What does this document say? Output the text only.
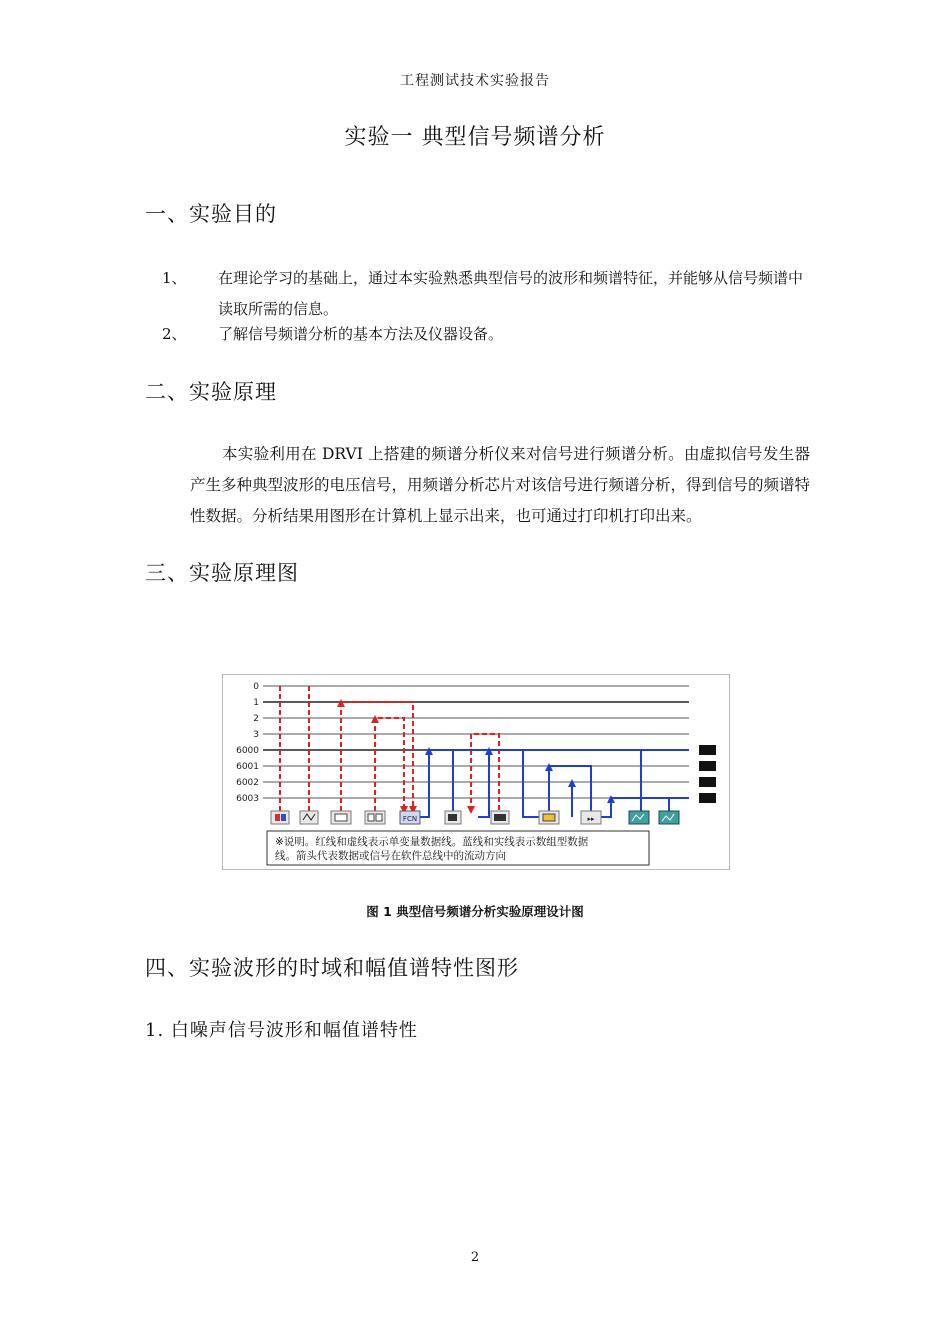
工程测试技术实验报告
实验一 典型信号频谱分析
一、实验目的
1、 在理论学习的基础上，通过本实验熟悉典型信号的波形和频谱特征，并能够从信号频谱中读取所需的信息。
2、 了解信号频谱分析的基本方法及仪器设备。
二、实验原理
本实验利用在 DRVI 上搭建的频谱分析仪来对信号进行频谱分析。由虚拟信号发生器产生多种典型波形的电压信号，用频谱分析芯片对该信号进行频谱分析，得到信号的频谱特性数据。分析结果用图形在计算机上显示出来，也可通过打印机打印出来。
三、实验原理图
0
1
2
3
6000
6001
6002
6003
FCN	▸▸
※说明。红线和虚线表示单变量数据线。蓝线和实线表示数组型数据
线。箭头代表数据或信号在软件总线中的流动方向
图 1 典型信号频谱分析实验原理设计图
四、实验波形的时域和幅值谱特性图形
1. 白噪声信号波形和幅值谱特性
2
